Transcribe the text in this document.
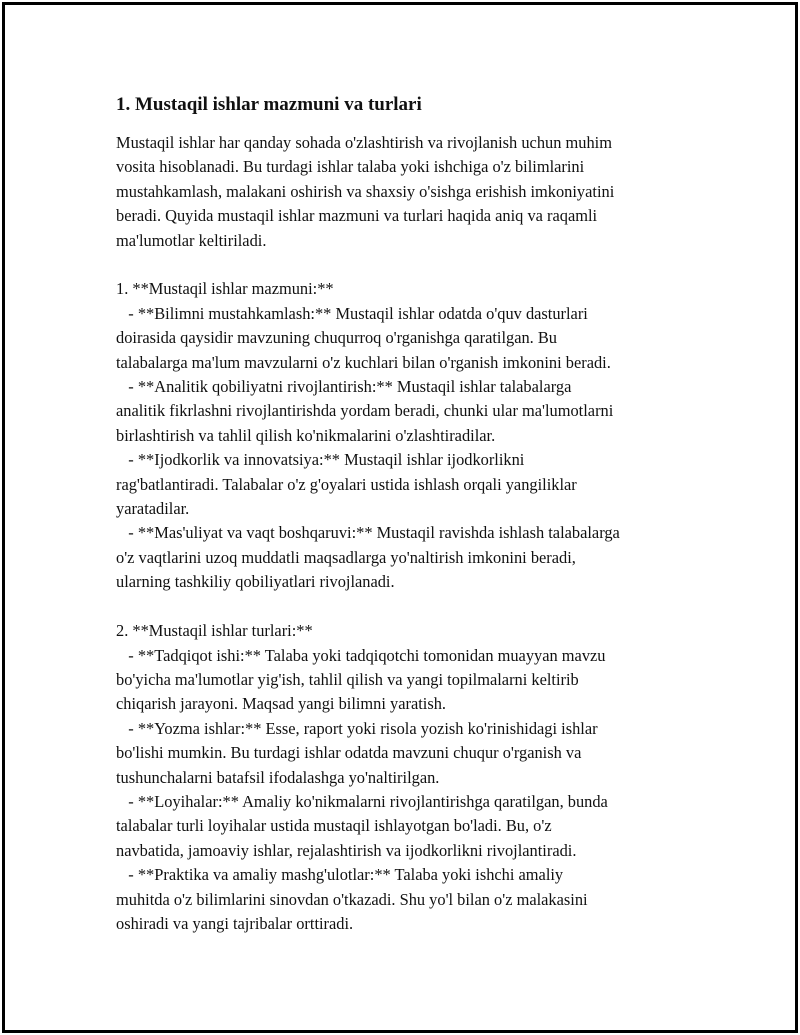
1. Mustaqil ishlar mazmuni va turlari
Mustaqil ishlar har qanday sohada o'zlashtirish va rivojlanish uchun muhim
vosita hisoblanadi. Bu turdagi ishlar talaba yoki ishchiga o'z bilimlarini
mustahkamlash, malakani oshirish va shaxsiy o'sishga erishish imkoniyatini
beradi. Quyida mustaqil ishlar mazmuni va turlari haqida aniq va raqamli
ma'lumotlar keltiriladi.
1. **Mustaqil ishlar mazmuni:**
- **Bilimni mustahkamlash:** Mustaqil ishlar odatda o'quv dasturlari
doirasida qaysidir mavzuning chuqurroq o'rganishga qaratilgan. Bu
talabalarga ma'lum mavzularni o'z kuchlari bilan o'rganish imkonini beradi.
- **Analitik qobiliyatni rivojlantirish:** Mustaqil ishlar talabalarga
analitik fikrlashni rivojlantirishda yordam beradi, chunki ular ma'lumotlarni
birlashtirish va tahlil qilish ko'nikmalarini o'zlashtiradilar.
- **Ijodkorlik va innovatsiya:** Mustaqil ishlar ijodkorlikni
rag'batlantiradi. Talabalar o'z g'oyalari ustida ishlash orqali yangiliklar
yaratadilar.
- **Mas'uliyat va vaqt boshqaruvi:** Mustaqil ravishda ishlash talabalarga
o'z vaqtlarini uzoq muddatli maqsadlarga yo'naltirish imkonini beradi,
ularning tashkiliy qobiliyatlari rivojlanadi.
2. **Mustaqil ishlar turlari:**
- **Tadqiqot ishi:** Talaba yoki tadqiqotchi tomonidan muayyan mavzu
bo'yicha ma'lumotlar yig'ish, tahlil qilish va yangi topilmalarni keltirib
chiqarish jarayoni. Maqsad yangi bilimni yaratish.
- **Yozma ishlar:** Esse, raport yoki risola yozish ko'rinishidagi ishlar
bo'lishi mumkin. Bu turdagi ishlar odatda mavzuni chuqur o'rganish va
tushunchalarni batafsil ifodalashga yo'naltirilgan.
- **Loyihalar:** Amaliy ko'nikmalarni rivojlantirishga qaratilgan, bunda
talabalar turli loyihalar ustida mustaqil ishlayotgan bo'ladi. Bu, o'z
navbatida, jamoaviy ishlar, rejalashtirish va ijodkorlikni rivojlantiradi.
- **Praktika va amaliy mashg'ulotlar:** Talaba yoki ishchi amaliy
muhitda o'z bilimlarini sinovdan o'tkazadi. Shu yo'l bilan o'z malakasini
oshiradi va yangi tajribalar orttiradi.
